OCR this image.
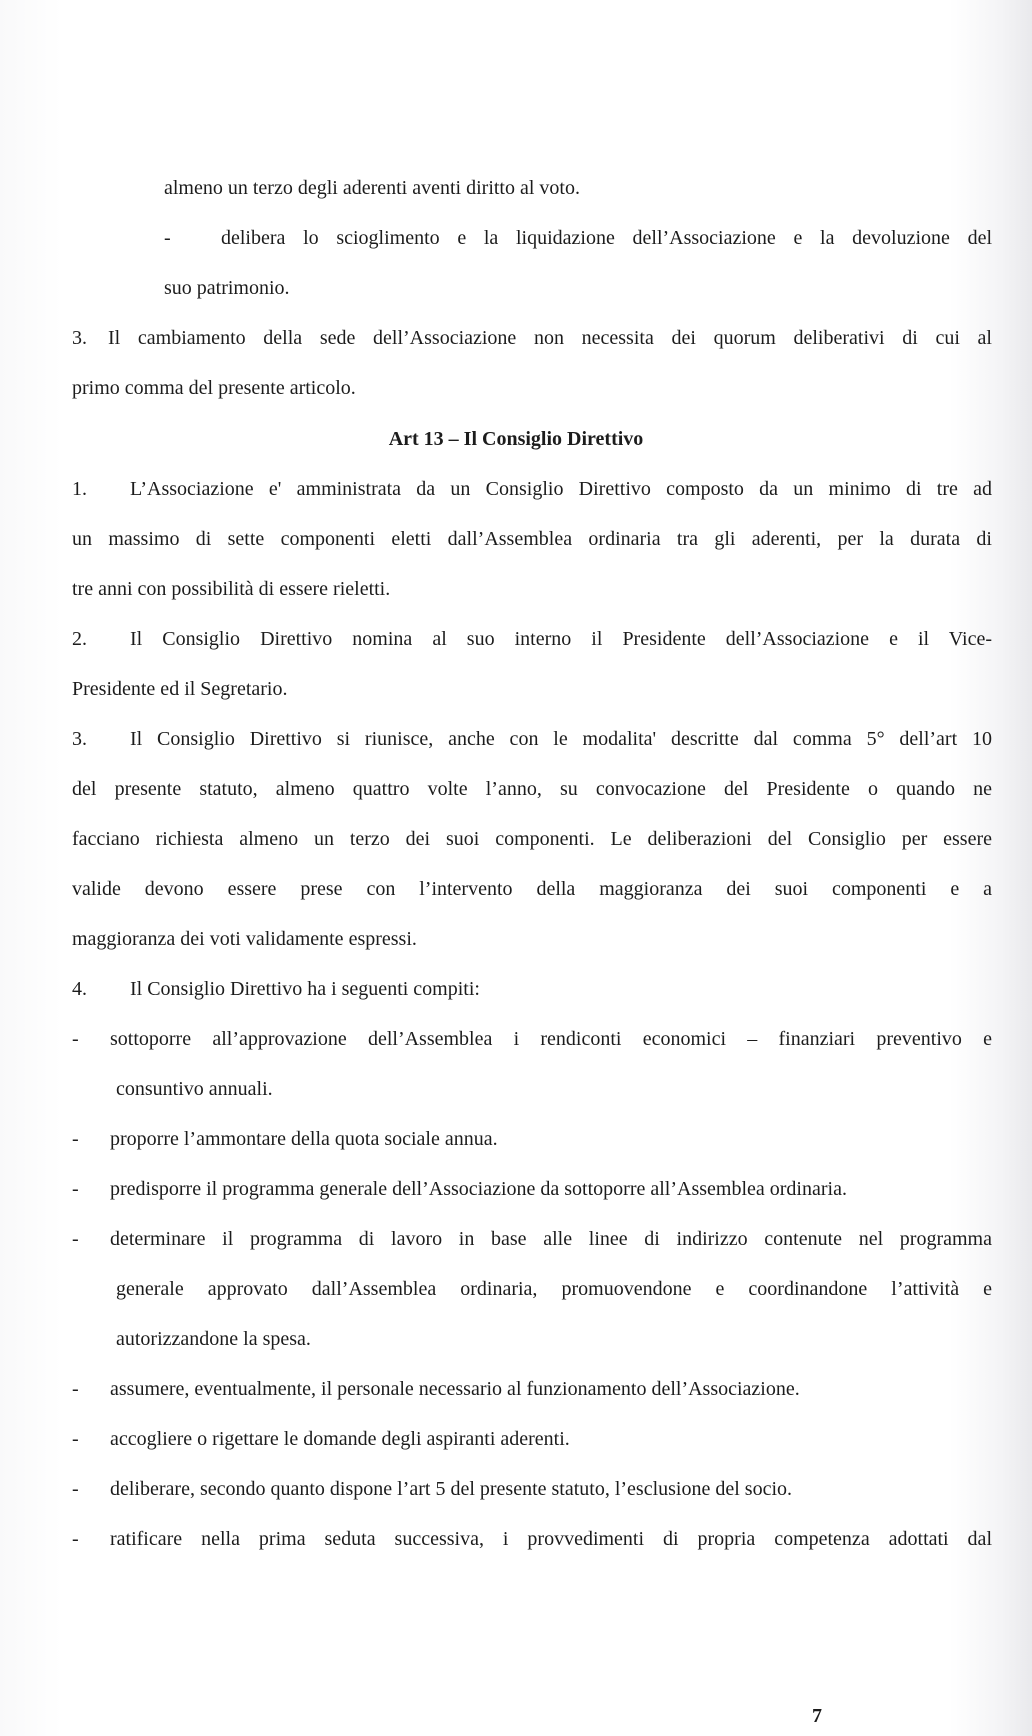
almeno un terzo degli aderenti aventi diritto al voto.

-	delibera lo scioglimento e la liquidazione dell’Associazione e la devoluzione del

suo patrimonio.

3. Il cambiamento della sede dell’Associazione non necessita dei quorum deliberativi di cui al

primo comma del presente articolo.

Art 13 – Il Consiglio Direttivo
1. L’Associazione e' amministrata da un Consiglio Direttivo composto da un minimo di tre ad

un massimo di sette componenti eletti dall’Assemblea ordinaria tra gli aderenti, per la durata di

tre anni con possibilità di essere rieletti.

2. Il Consiglio Direttivo nomina al suo interno il Presidente dell’Associazione e il Vice-

Presidente ed il Segretario.

3. Il Consiglio Direttivo si riunisce, anche con le modalita' descritte dal comma 5° dell’art 10

del presente statuto, almeno quattro volte l’anno, su convocazione del Presidente o quando ne

facciano richiesta almeno un terzo dei suoi componenti. Le deliberazioni del Consiglio per essere

valide devono essere prese con l’intervento della maggioranza dei suoi componenti e a

maggioranza dei voti validamente espressi.

4. Il Consiglio Direttivo ha i seguenti compiti:

- sottoporre all’approvazione dell’Assemblea i rendiconti economici – finanziari preventivo e

consuntivo annuali.

- proporre l’ammontare della quota sociale annua.

- predisporre il programma generale dell’Associazione da sottoporre all’Assemblea ordinaria.

- determinare il programma di lavoro in base alle linee di indirizzo contenute nel programma

generale approvato dall’Assemblea ordinaria, promuovendone e coordinandone l’attività e

autorizzandone la spesa.

- assumere, eventualmente, il personale necessario al funzionamento dell’Associazione.

- accogliere o rigettare le domande degli aspiranti aderenti.

- deliberare, secondo quanto dispone l’art 5 del presente statuto, l’esclusione del socio.

- ratificare nella prima seduta successiva, i provvedimenti di propria competenza adottati dal

7
